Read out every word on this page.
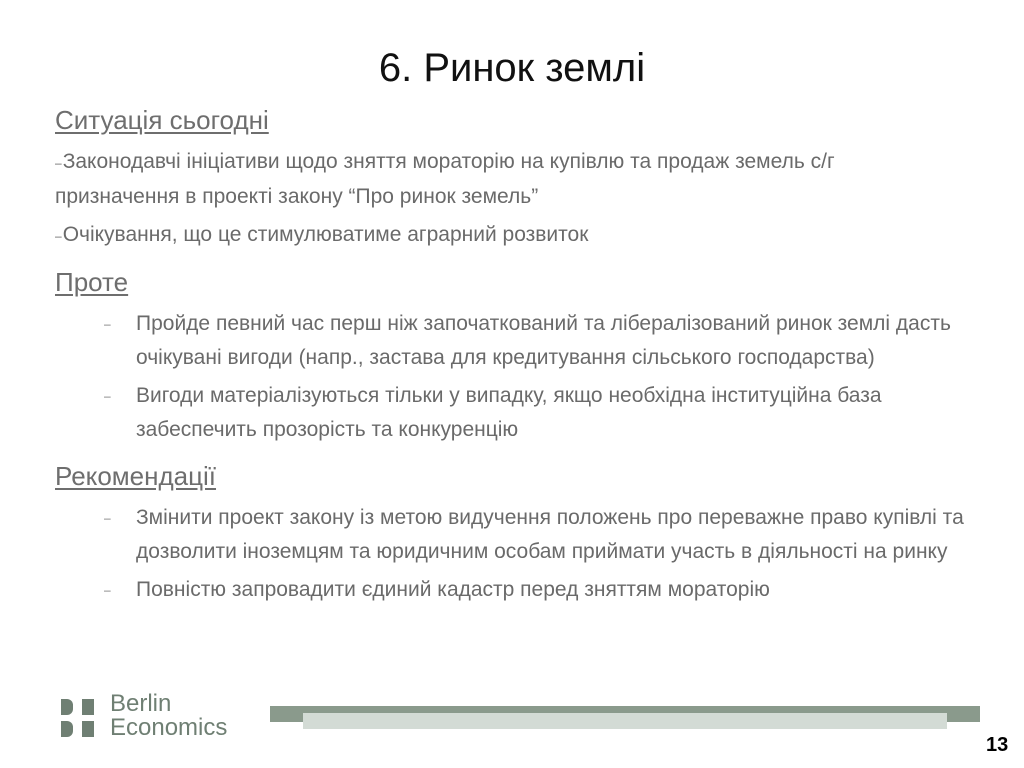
6. Ринок землі
Ситуація сьогодні
–Законодавчі ініціативи щодо зняття мораторію на купівлю та продаж земель с/г призначення в проекті закону “Про ринок земель”
–Очікування, що це стимулюватиме аграрний розвиток
Проте
– Пройде певний час перш ніж започаткований та лібералізований ринок землі дасть очікувані вигоди (напр., застава для кредитування сільського господарства)
– Вигоди матеріалізуються тільки у випадку, якщо необхідна інституційна база забеспечить прозорість та конкуренцію
Рекомендації
– Змінити проект закону із метою видучення положень про переважне право купівлі та дозволити іноземцям та юридичним особам приймати участь в діяльності на ринку
– Повністю запровадити єдиний кадастр перед зняттям мораторію
Berlin
Economics
13
